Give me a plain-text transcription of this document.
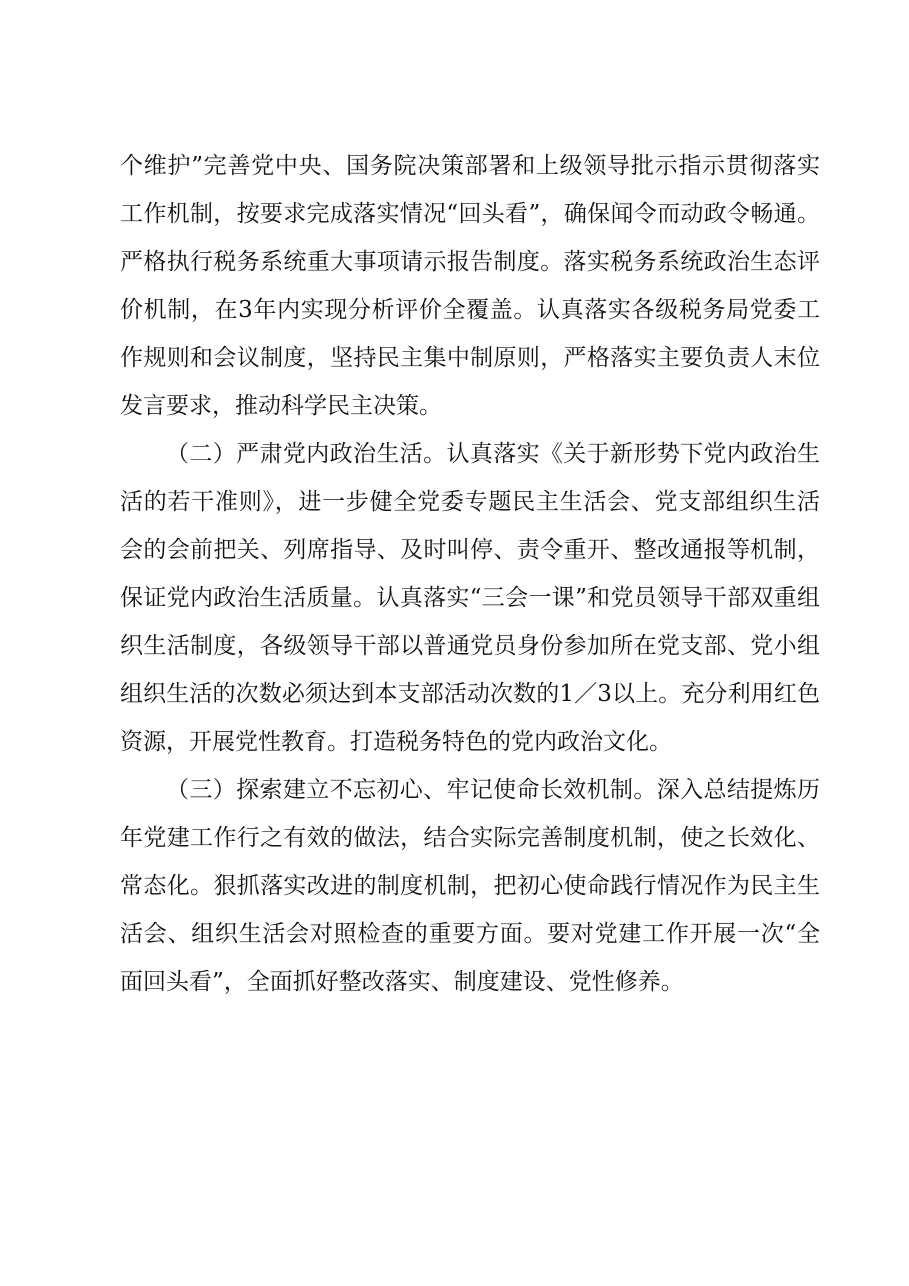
个维护”完善党中央、国务院决策部署和上级领导批示指示贯彻落实工作机制，按要求完成落实情况“回头看”，确保闻令而动政令畅通。严格执行税务系统重大事项请示报告制度。落实税务系统政治生态评价机制，在3年内实现分析评价全覆盖。认真落实各级税务局党委工作规则和会议制度，坚持民主集中制原则，严格落实主要负责人末位发言要求，推动科学民主决策。

（二）严肃党内政治生活。认真落实《关于新形势下党内政治生活的若干准则》，进一步健全党委专题民主生活会、党支部组织生活会的会前把关、列席指导、及时叫停、责令重开、整改通报等机制，保证党内政治生活质量。认真落实“三会一课”和党员领导干部双重组织生活制度，各级领导干部以普通党员身份参加所在党支部、党小组组织生活的次数必须达到本支部活动次数的1／3以上。充分利用红色资源，开展党性教育。打造税务特色的党内政治文化。

（三）探索建立不忘初心、牢记使命长效机制。深入总结提炼历年党建工作行之有效的做法，结合实际完善制度机制，使之长效化、常态化。狠抓落实改进的制度机制，把初心使命践行情况作为民主生活会、组织生活会对照检查的重要方面。要对党建工作开展一次“全面回头看”，全面抓好整改落实、制度建设、党性修养。
